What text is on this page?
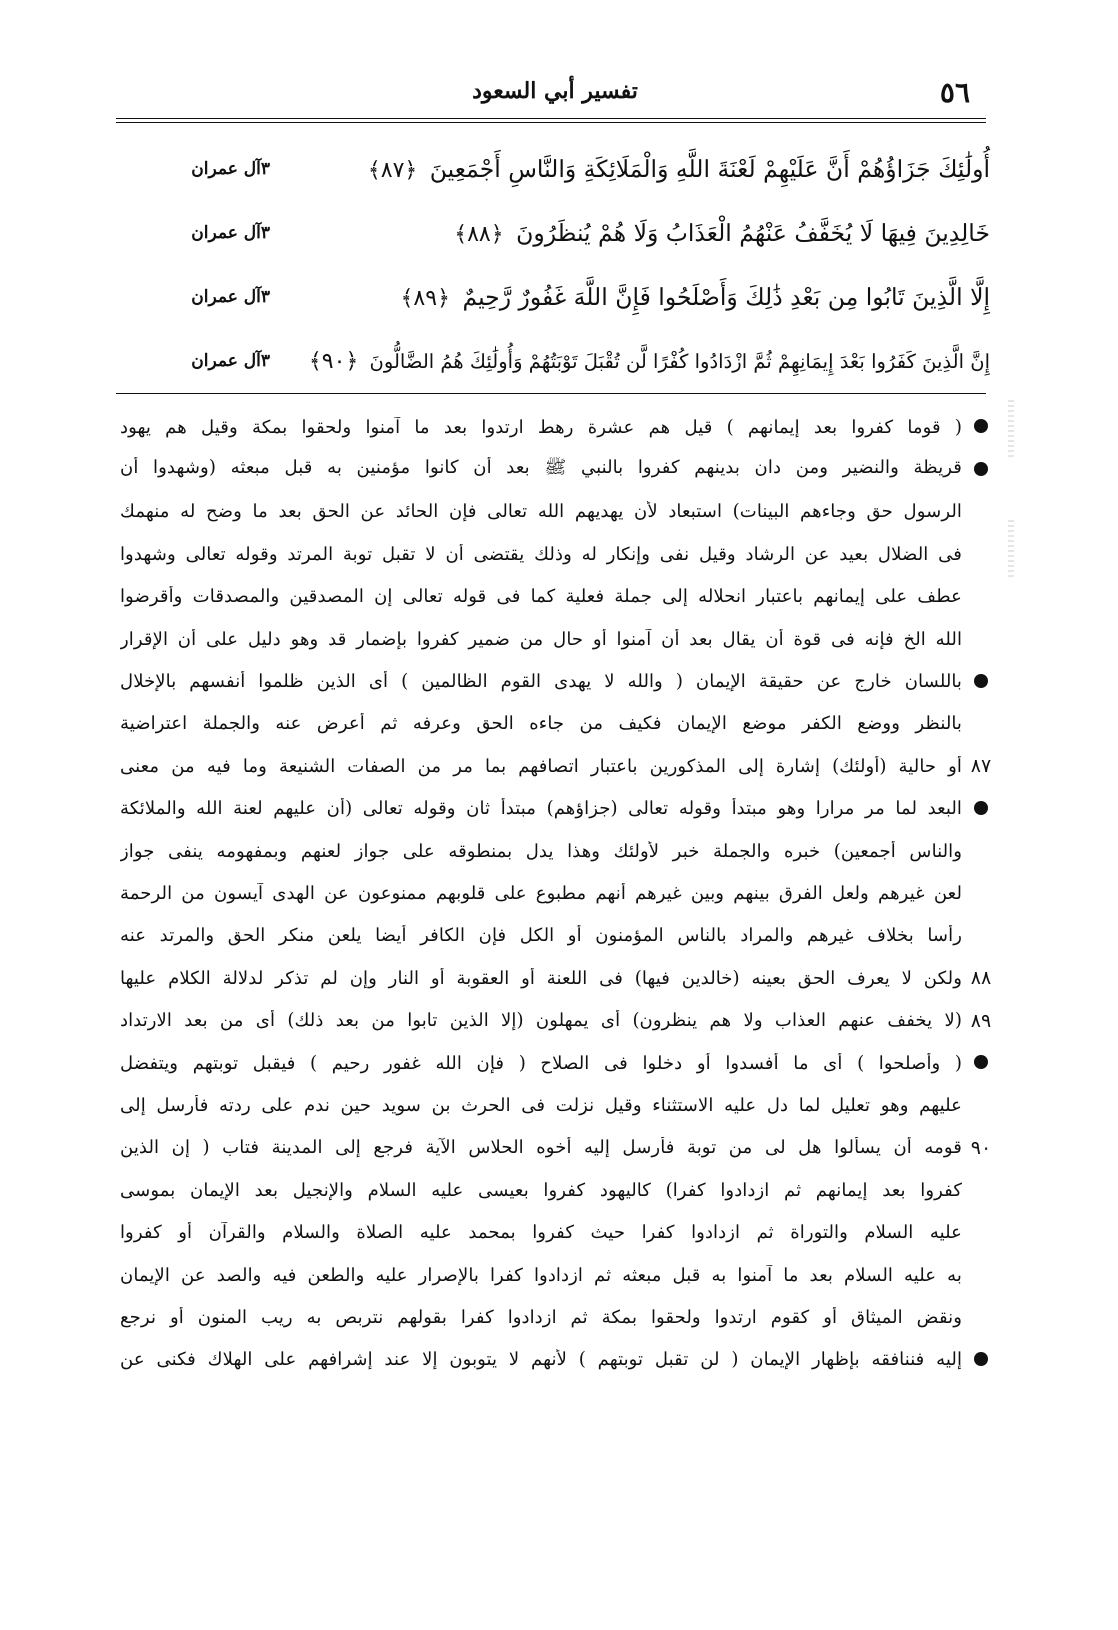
تفسير أبي السعود	٥٦
أُولَٰئِكَ جَزَاؤُهُمْ أَنَّ عَلَيْهِمْ لَعْنَةَ اللَّهِ وَالْمَلَائِكَةِ وَالنَّاسِ أَجْمَعِينَ ﴿٨٧﴾
٣آل عمران
خَالِدِينَ فِيهَا لَا يُخَفَّفُ عَنْهُمُ الْعَذَابُ وَلَا هُمْ يُنظَرُونَ ﴿٨٨﴾
٣آل عمران
إِلَّا الَّذِينَ تَابُوا مِن بَعْدِ ذَٰلِكَ وَأَصْلَحُوا فَإِنَّ اللَّهَ غَفُورٌ رَّحِيمٌ ﴿٨٩﴾
٣آل عمران
إِنَّ الَّذِينَ كَفَرُوا بَعْدَ إِيمَانِهِمْ ثُمَّ ازْدَادُوا كُفْرًا لَّن تُقْبَلَ تَوْبَتُهُمْ وَأُولَٰئِكَ هُمُ الضَّالُّونَ ﴿٩٠﴾
٣آل عمران
( قوما كفروا بعد إيمانهم ) قيل هم عشرة رهط ارتدوا بعد ما آمنوا ولحقوا بمكة وقيل هم يهود
قريظة والنضير ومن دان بدينهم كفروا بالنبي ﷺ بعد أن كانوا مؤمنين به قبل مبعثه (وشهدوا أن
الرسول حق وجاءهم البينات) استبعاد لأن يهديهم الله تعالى فإن الحائد عن الحق بعد ما وضح له منهمك
فى الضلال بعيد عن الرشاد وقيل نفى وإنكار له وذلك يقتضى أن لا تقبل توبة المرتد وقوله تعالى وشهدوا
عطف على إيمانهم باعتبار انحلاله إلى جملة فعلية كما فى قوله تعالى إن المصدقين والمصدقات وأقرضوا
الله الخ فإنه فى قوة أن يقال بعد أن آمنوا أو حال من ضمير كفروا بإضمار قد وهو دليل على أن الإقرار
باللسان خارج عن حقيقة الإيمان ( والله لا يهدى القوم الظالمين ) أى الذين ظلموا أنفسهم بالإخلال
بالنظر ووضع الكفر موضع الإيمان فكيف من جاءه الحق وعرفه ثم أعرض عنه والجملة اعتراضية
٨٧
أو حالية (أولئك) إشارة إلى المذكورين باعتبار اتصافهم بما مر من الصفات الشنيعة وما فيه من معنى
البعد لما مر مرارا وهو مبتدأ وقوله تعالى (جزاؤهم) مبتدأ ثان وقوله تعالى (أن عليهم لعنة الله والملائكة
والناس أجمعين) خبره والجملة خبر لأولئك وهذا يدل بمنطوقه على جواز لعنهم وبمفهومه ينفى جواز
لعن غيرهم ولعل الفرق بينهم وبين غيرهم أنهم مطبوع على قلوبهم ممنوعون عن الهدى آيسون من الرحمة
رأسا بخلاف غيرهم والمراد بالناس المؤمنون أو الكل فإن الكافر أيضا يلعن منكر الحق والمرتد عنه
٨٨
ولكن لا يعرف الحق بعينه (خالدين فيها) فى اللعنة أو العقوبة أو النار وإن لم تذكر لدلالة الكلام عليها
٨٩
(لا يخفف عنهم العذاب ولا هم ينظرون) أى يمهلون (إلا الذين تابوا من بعد ذلك) أى من بعد الارتداد
( وأصلحوا ) أى ما أفسدوا أو دخلوا فى الصلاح ( فإن الله غفور رحيم ) فيقبل توبتهم ويتفضل
عليهم وهو تعليل لما دل عليه الاستثناء وقيل نزلت فى الحرث بن سويد حين ندم على ردته فأرسل إلى
٩٠
قومه أن يسألوا هل لى من توبة فأرسل إليه أخوه الحلاس الآية فرجع إلى المدينة فتاب ( إن الذين
كفروا بعد إيمانهم ثم ازدادوا كفرا) كاليهود كفروا بعيسى عليه السلام والإنجيل بعد الإيمان بموسى
عليه السلام والتوراة ثم ازدادوا كفرا حيث كفروا بمحمد عليه الصلاة والسلام والقرآن أو كفروا
به عليه السلام بعد ما آمنوا به قبل مبعثه ثم ازدادوا كفرا بالإصرار عليه والطعن فيه والصد عن الإيمان
ونقض الميثاق أو كقوم ارتدوا ولحقوا بمكة ثم ازدادوا كفرا بقولهم نتربص به ريب المنون أو نرجع
إليه فننافقه بإظهار الإيمان ( لن تقبل توبتهم ) لأنهم لا يتوبون إلا عند إشرافهم على الهلاك فكنى عن
